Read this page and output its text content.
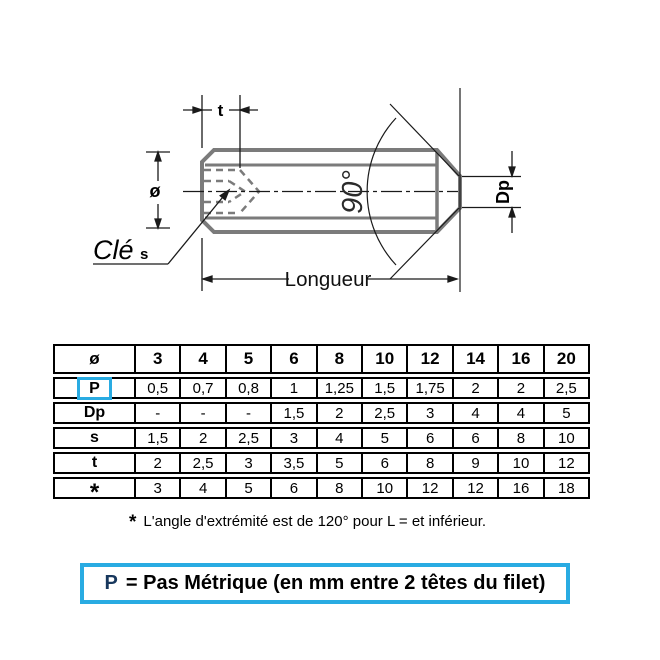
90°
t
ø	Dp
Longueur
Clé s
ø	3	4	5	6	8	10	12	14	16	20
P	0,5	0,7	0,8	1	1,25	1,5	1,75	2	2	2,5
Dp	-	-	-	1,5	2	2,5	3	4	4	5
s	1,5	2	2,5	3	4	5	6	6	8	10
t	2	2,5	3	3,5	5	6	8	9	10	12
*	3	4	5	6	8	10	12	12	16	18
* L'angle d'extrémité est de 120° pour L = et inférieur.
P = Pas Métrique (en mm entre 2 têtes du filet)
